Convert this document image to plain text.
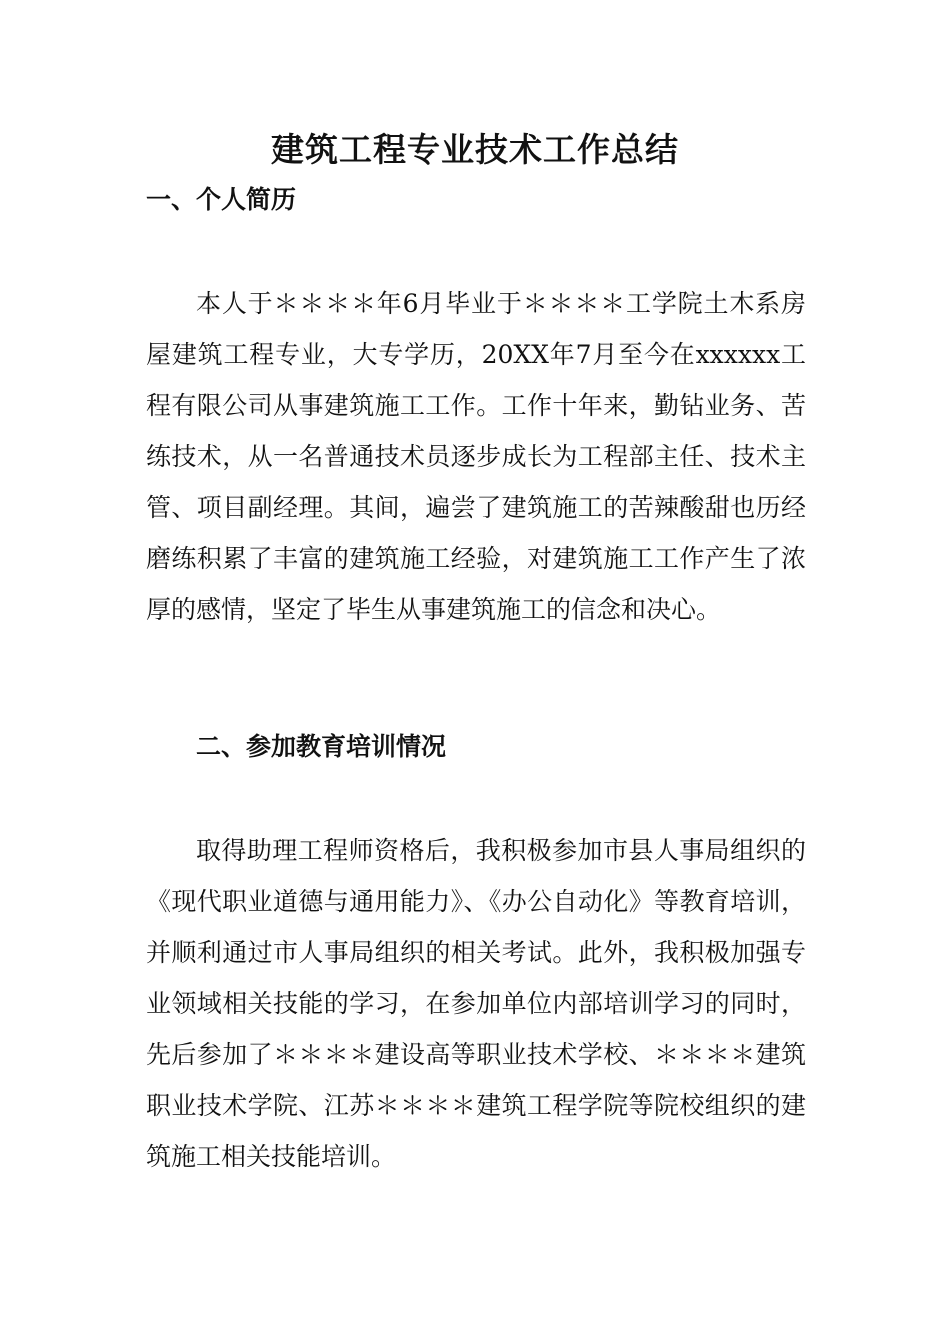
建筑工程专业技术工作总结
一、个人简历

本人于＊＊＊＊年6月毕业于＊＊＊＊工学院土木系房屋建筑工程专业，大专学历，20XX年7月至今在xxxxxx工程有限公司从事建筑施工工作。工作十年来，勤钻业务、苦练技术，从一名普通技术员逐步成长为工程部主任、技术主管、项目副经理。其间，遍尝了建筑施工的苦辣酸甜也历经磨练积累了丰富的建筑施工经验，对建筑施工工作产生了浓厚的感情，坚定了毕生从事建筑施工的信念和决心。

二、参加教育培训情况

取得助理工程师资格后，我积极参加市县人事局组织的《现代职业道德与通用能力》、《办公自动化》等教育培训，并顺利通过市人事局组织的相关考试。此外，我积极加强专业领域相关技能的学习，在参加单位内部培训学习的同时，先后参加了＊＊＊＊建设高等职业技术学校、＊＊＊＊建筑职业技术学院、江苏＊＊＊＊建筑工程学院等院校组织的建筑施工相关技能培训。
